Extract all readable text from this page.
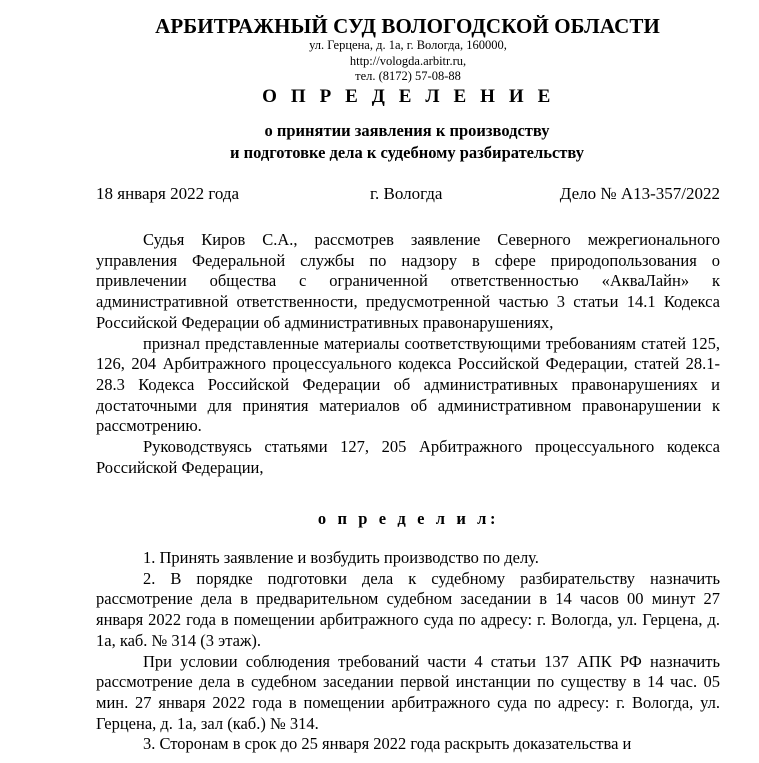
АРБИТРАЖНЫЙ СУД ВОЛОГОДСКОЙ ОБЛАСТИ
ул. Герцена, д. 1а, г. Вологда, 160000,
http://vologda.arbitr.ru,
тел. (8172) 57-08-88
О П Р Е Д Е Л Е Н И Е
о принятии заявления к производству
и подготовке дела к судебному разбирательству
18 января 2022 года	г. Вологда	Дело № А13-357/2022

Судья Киров С.А., рассмотрев заявление Северного межрегионального управления Федеральной службы по надзору в сфере природопользования о привлечении общества с ограниченной ответственностью «АкваЛайн» к административной ответственности, предусмотренной частью 3 статьи 14.1 Кодекса Российской Федерации об административных правонарушениях,

признал представленные материалы соответствующими требованиям статей 125, 126, 204 Арбитражного процессуального кодекса Российской Федерации, статей 28.1-28.3 Кодекса Российской Федерации об административных правонарушениях и достаточными для принятия материалов об административном правонарушении к рассмотрению.

Руководствуясь статьями 127, 205 Арбитражного процессуального кодекса Российской Федерации,

о п р е д е л и л:

1. Принять заявление и возбудить производство по делу.

2. В порядке подготовки дела к судебному разбирательству назначить рассмотрение дела в предварительном судебном заседании в 14 часов 00 минут 27 января 2022 года в помещении арбитражного суда по адресу: г. Вологда, ул. Герцена, д. 1а, каб. № 314 (3 этаж).

При условии соблюдения требований части 4 статьи 137 АПК РФ назначить рассмотрение дела в судебном заседании первой инстанции по существу в 14 час. 05 мин. 27 января 2022 года в помещении арбитражного суда по адресу: г. Вологда, ул. Герцена, д. 1а, зал (каб.) № 314.

3. Сторонам в срок до 25 января 2022 года раскрыть доказательства и
